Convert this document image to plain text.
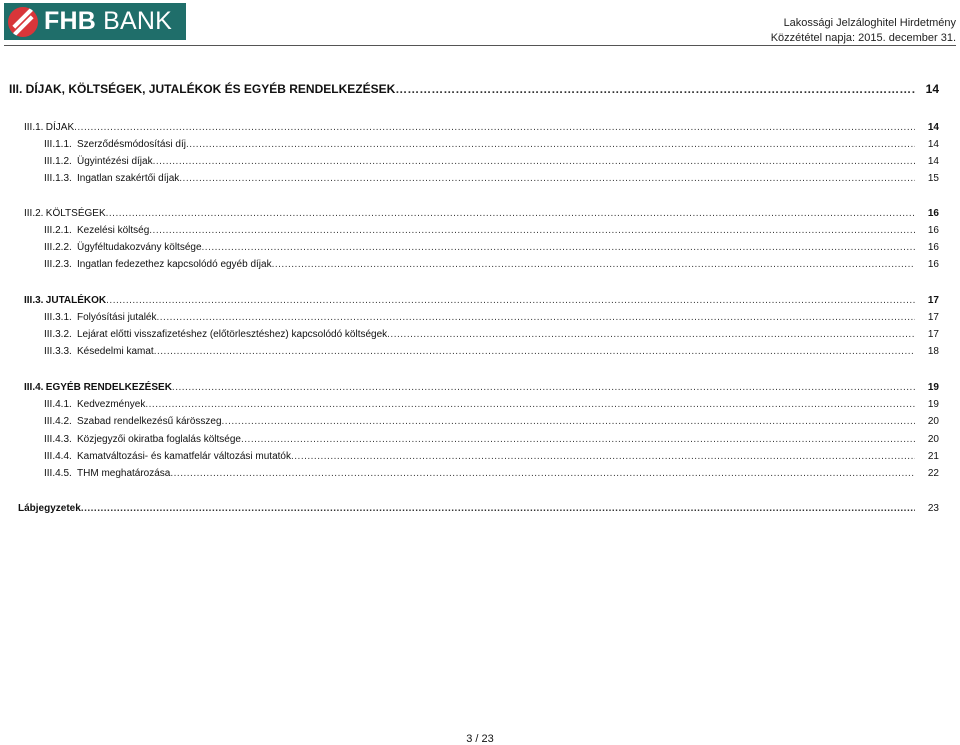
FHB BANK	Lakossági Jelzáloghitel Hirdetmény
Közzététel napja: 2015. december 31.
III. DÍJAK, KÖLTSÉGEK, JUTALÉKOK ÉS EGYÉB RENDELKEZÉSEK ………………………………………………………………………………………………………………………………………………………………………………	14
III.1. DÍJAK .....	14
III.1.1. Szerződésmódosítási díj .....	14
III.1.2. Ügyintézési díjak .....	14
III.1.3. Ingatlan szakértői díjak .....	15
III.2. KÖLTSÉGEK .....	16
III.2.1. Kezelési költség .....	16
III.2.2. Ügyféltudakozvány költsége .....	16
III.2.3. Ingatlan fedezethez kapcsolódó egyéb díjak .....	16
III.3. JUTALÉKOK .....	17
III.3.1. Folyósítási jutalék .....	17
III.3.2. Lejárat előtti visszafizetéshez (előtörlesztéshez) kapcsolódó költségek .....	17
III.3.3. Késedelmi kamat .....	18
III.4. EGYÉB RENDELKEZÉSEK .....	19
III.4.1. Kedvezmények .....	19
III.4.2. Szabad rendelkezésű kárösszeg .....	20
III.4.3. Közjegyzői okiratba foglalás költsége .....	20
III.4.4. Kamatváltozási- és kamatfelár változási mutatók .....	21
III.4.5. THM meghatározása .....	22
Lábjegyzetek .....	23
3 / 23
